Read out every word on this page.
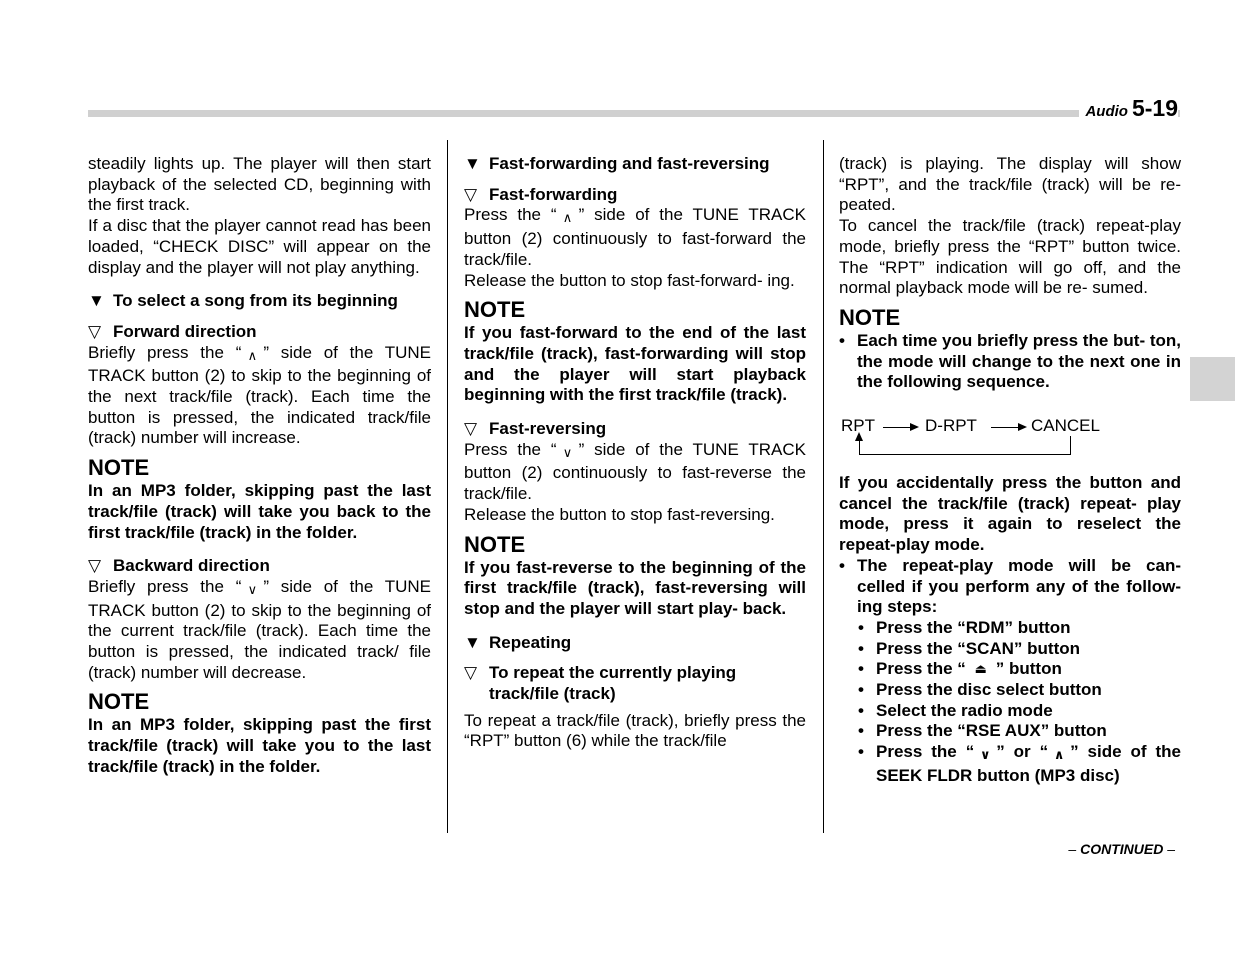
Audio 5-19

steadily lights up. The player will then start playback of the selected CD, beginning with the first track.

If a disc that the player cannot read has been loaded, “CHECK DISC” will appear on the display and the player will not play anything.

▼ To select a song from its beginning
▽ Forward direction

Briefly press the “ ∧ ” side of the TUNE TRACK button (2) to skip to the beginning of the next track/file (track). Each time the button is pressed, the indicated track/file (track) number will increase.

NOTE

In an MP3 folder, skipping past the last track/file (track) will take you back to the first track/file (track) in the folder.

▽ Backward direction

Briefly press the “ ∨ ” side of the TUNE TRACK button (2) to skip to the beginning of the current track/file (track). Each time the button is pressed, the indicated track/ file (track) number will decrease.

NOTE

In an MP3 folder, skipping past the first track/file (track) will take you to the last track/file (track) in the folder.

▼ Fast-forwarding and fast-reversing
▽ Fast-forwarding

Press the “ ∧ ” side of the TUNE TRACK button (2) continuously to fast-forward the track/file.

Release the button to stop fast-forward- ing.

NOTE

If you fast-forward to the end of the last track/file (track), fast-forwarding will stop and the player will start playback beginning with the first track/file (track).

▽ Fast-reversing

Press the “ ∨ ” side of the TUNE TRACK button (2) continuously to fast-reverse the track/file.

Release the button to stop fast-reversing.

NOTE

If you fast-reverse to the beginning of the first track/file (track), fast-reversing will stop and the player will start play- back.

▼ Repeating
▽ To repeat the currently playing track/file (track)

To repeat a track/file (track), briefly press the “RPT” button (6) while the track/file

(track) is playing. The display will show “RPT”, and the track/file (track) will be re- peated.

To cancel the track/file (track) repeat-play mode, briefly press the “RPT” button twice. The “RPT” indication will go off, and the normal playback mode will be re- sumed.

NOTE
• Each time you briefly press the but- ton, the mode will change to the next one in the following sequence.

RPT	D-RPT	CANCEL

If you accidentally press the button and cancel the track/file (track) repeat- play mode, press it again to reselect the repeat-play mode.

• The repeat-play mode will be can- celled if you perform any of the follow- ing steps:

• Press the “RDM” button
• Press the “SCAN” button
• Press the “ ⏏ ” button
• Press the disc select button
• Select the radio mode
• Press the “RSE AUX” button
• Press the “ ∨ ” or “ ∧ ” side of the SEEK FLDR button (MP3 disc)

– CONTINUED –
